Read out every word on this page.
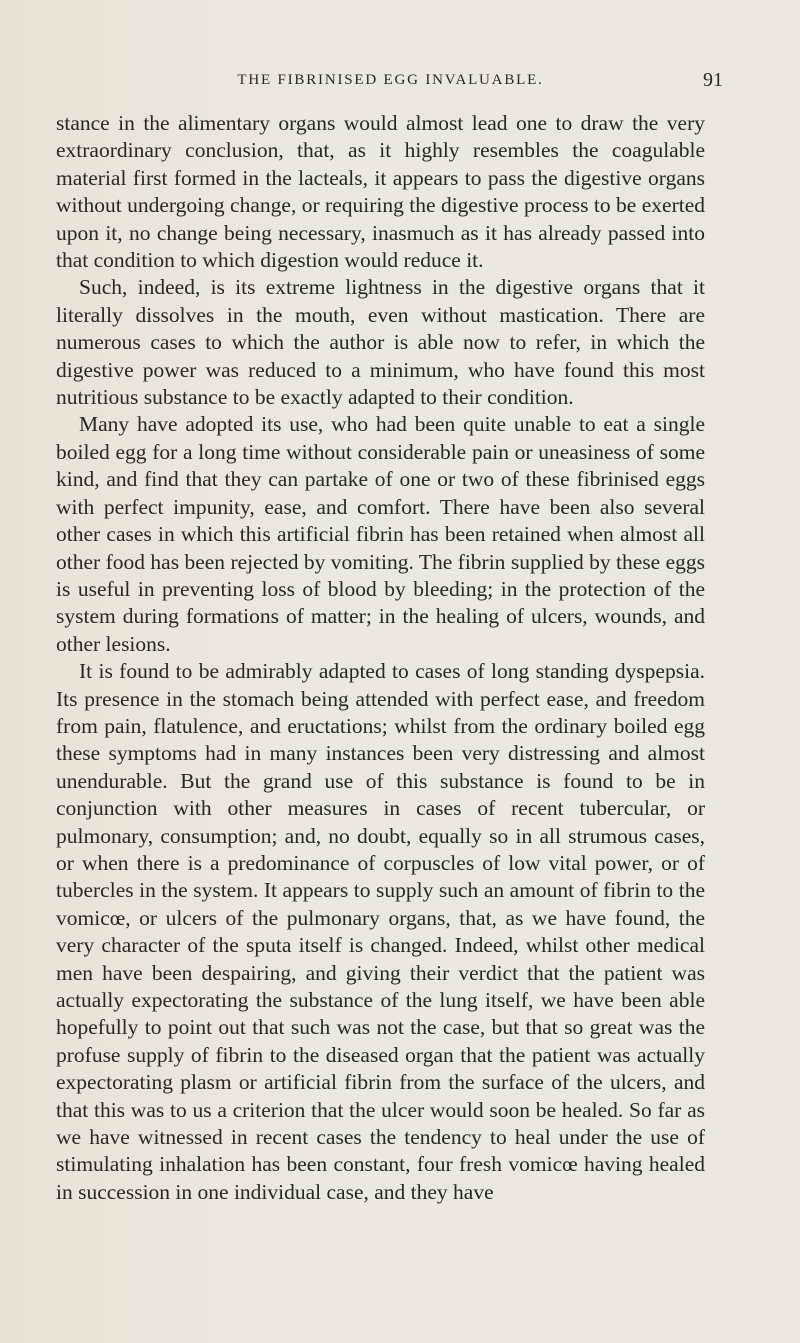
THE FIBRINISED EGG INVALUABLE.	91

stance in the alimentary organs would almost lead one to draw the very extraordinary conclusion, that, as it highly resembles the coagulable material first formed in the lacteals, it appears to pass the digestive organs without undergoing change, or requiring the digestive process to be exerted upon it, no change being necessary, inasmuch as it has already passed into that condition to which digestion would reduce it.

Such, indeed, is its extreme lightness in the digestive organs that it literally dissolves in the mouth, even without mastication. There are numerous cases to which the author is able now to refer, in which the digestive power was reduced to a minimum, who have found this most nutritious substance to be exactly adapted to their condition.

Many have adopted its use, who had been quite unable to eat a single boiled egg for a long time without considerable pain or uneasiness of some kind, and find that they can partake of one or two of these fibrinised eggs with perfect impunity, ease, and comfort. There have been also several other cases in which this artificial fibrin has been retained when almost all other food has been rejected by vomiting. The fibrin supplied by these eggs is useful in preventing loss of blood by bleeding; in the protection of the system during formations of matter; in the healing of ulcers, wounds, and other lesions.

It is found to be admirably adapted to cases of long standing dyspepsia. Its presence in the stomach being attended with perfect ease, and freedom from pain, flatulence, and eructations; whilst from the ordinary boiled egg these symptoms had in many instances been very distressing and almost unendurable. But the grand use of this substance is found to be in conjunction with other measures in cases of recent tubercular, or pulmonary, consumption; and, no doubt, equally so in all strumous cases, or when there is a predominance of corpuscles of low vital power, or of tubercles in the system. It appears to supply such an amount of fibrin to the vomicœ, or ulcers of the pulmonary organs, that, as we have found, the very character of the sputa itself is changed. Indeed, whilst other medical men have been despairing, and giving their verdict that the patient was actually expectorating the substance of the lung itself, we have been able hopefully to point out that such was not the case, but that so great was the profuse supply of fibrin to the diseased organ that the patient was actually expectorating plasm or artificial fibrin from the surface of the ulcers, and that this was to us a criterion that the ulcer would soon be healed. So far as we have witnessed in recent cases the tendency to heal under the use of stimulating inhalation has been constant, four fresh vomicœ having healed in succession in one individual case, and they have
